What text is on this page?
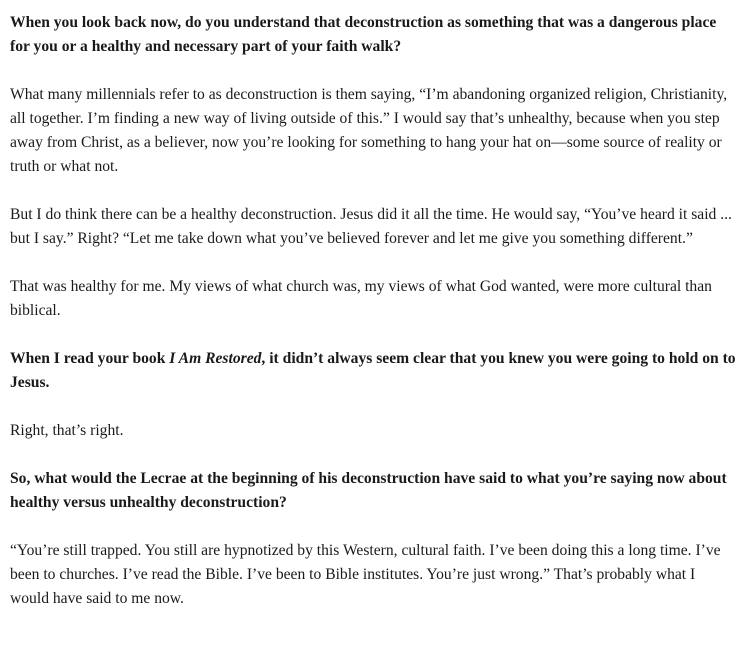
When you look back now, do you understand that deconstruction as something that was a dangerous place for you or a healthy and necessary part of your faith walk?

What many millennials refer to as deconstruction is them saying, “I’m abandoning organized religion, Christianity, all together. I’m finding a new way of living outside of this.” I would say that’s unhealthy, because when you step away from Christ, as a believer, now you’re looking for something to hang your hat on—some source of reality or truth or what not.

But I do think there can be a healthy deconstruction. Jesus did it all the time. He would say, “You’ve heard it said ... but I say.” Right? “Let me take down what you’ve believed forever and let me give you something different.”

That was healthy for me. My views of what church was, my views of what God wanted, were more cultural than biblical.

When I read your book I Am Restored, it didn’t always seem clear that you knew you were going to hold on to Jesus.

Right, that’s right.

So, what would the Lecrae at the beginning of his deconstruction have said to what you’re saying now about healthy versus unhealthy deconstruction?

“You’re still trapped. You still are hypnotized by this Western, cultural faith. I’ve been doing this a long time. I’ve been to churches. I’ve read the Bible. I’ve been to Bible institutes. You’re just wrong.” That’s probably what I would have said to me now.
